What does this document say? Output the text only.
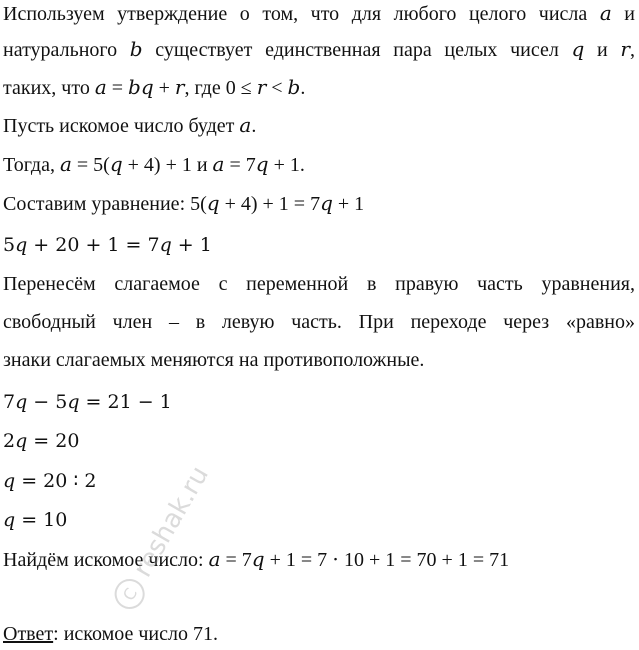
Используем утверждение о том, что для любого целого числа 𝑎 и
натурального 𝑏 существует единственная пара целых чисел 𝑞 и 𝑟,
таких, что 𝑎 = 𝑏𝑞 + 𝑟, где 0 ≤ 𝑟 < 𝑏.
Пусть искомое число будет 𝑎.
Тогда, 𝑎 = 5(𝑞 + 4) + 1 и 𝑎 = 7𝑞 + 1.
Составим уравнение: 5(𝑞 + 4) + 1 = 7𝑞 + 1
5𝑞 + 20 + 1 = 7𝑞 + 1
Перенесём слагаемое с переменной в правую часть уравнения,
свободный член – в левую часть. При переходе через «равно»
знаки слагаемых меняются на противоположные.
7𝑞 − 5𝑞 = 21 − 1
2𝑞 = 20
𝑞 = 20 ∶ 2
𝑞 = 10
Найдём искомое число: 𝑎 = 7𝑞 + 1 = 7 ⋅ 10 + 1 = 70 + 1 = 71
Ответ: искомое число 71.
C
reshak.ru
